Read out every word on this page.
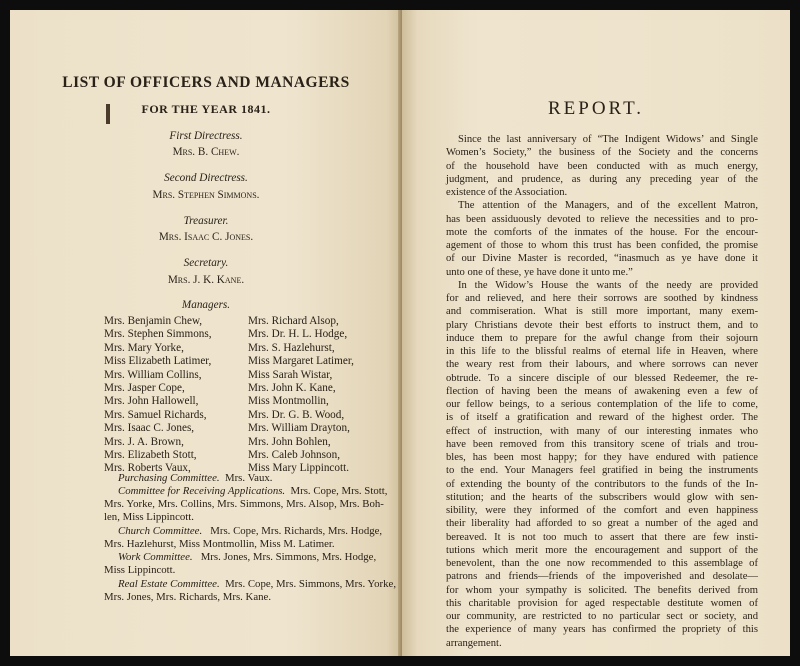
LIST OF OFFICERS AND MANAGERS
FOR THE YEAR 1841.
First Directress.
Mrs. B. Chew.
Second Directress.
Mrs. Stephen Simmons.
Treasurer.
Mrs. Isaac C. Jones.
Secretary.
Mrs. J. K. Kane.
Managers.
Mrs. Benjamin Chew,
Mrs. Stephen Simmons,
Mrs. Mary Yorke,
Miss Elizabeth Latimer,
Mrs. William Collins,
Mrs. Jasper Cope,
Mrs. John Hallowell,
Mrs. Samuel Richards,
Mrs. Isaac C. Jones,
Mrs. J. A. Brown,
Mrs. Elizabeth Stott,
Mrs. Roberts Vaux,
Mrs. Richard Alsop,
Mrs. Dr. H. L. Hodge,
Mrs. S. Hazlehurst,
Miss Margaret Latimer,
Miss Sarah Wistar,
Mrs. John K. Kane,
Miss Montmollin,
Mrs. Dr. G. B. Wood,
Mrs. William Drayton,
Mrs. John Bohlen,
Mrs. Caleb Johnson,
Miss Mary Lippincott.
Purchasing Committee. Mrs. Vaux.
Committee for Receiving Applications. Mrs. Cope, Mrs. Stott,
Mrs. Yorke, Mrs. Collins, Mrs. Simmons, Mrs. Alsop, Mrs. Boh-
len, Miss Lippincott.
Church Committee. Mrs. Cope, Mrs. Richards, Mrs. Hodge,
Mrs. Hazlehurst, Miss Montmollin, Miss M. Latimer.
Work Committee. Mrs. Jones, Mrs. Simmons, Mrs. Hodge,
Miss Lippincott.
Real Estate Committee. Mrs. Cope, Mrs. Simmons, Mrs. Yorke,
Mrs. Jones, Mrs. Richards, Mrs. Kane.
REPORT.
Since the last anniversary of “The Indigent Widows’ and Single
Women’s Society,” the business of the Society and the concerns
of the household have been conducted with as much energy,
judgment, and prudence, as during any preceding year of the
existence of the Association.
The attention of the Managers, and of the excellent Matron,
has been assiduously devoted to relieve the necessities and to pro-
mote the comforts of the inmates of the house. For the encour-
agement of those to whom this trust has been confided, the promise
of our Divine Master is recorded, “inasmuch as ye have done it
unto one of these, ye have done it unto me.”
In the Widow’s House the wants of the needy are provided
for and relieved, and here their sorrows are soothed by kindness
and commiseration. What is still more important, many exem-
plary Christians devote their best efforts to instruct them, and to
induce them to prepare for the awful change from their sojourn
in this life to the blissful realms of eternal life in Heaven, where
the weary rest from their labours, and where sorrows can never
obtrude. To a sincere disciple of our blessed Redeemer, the re-
flection of having been the means of awakening even a few of
our fellow beings, to a serious contemplation of the life to come,
is of itself a gratification and reward of the highest order. The
effect of instruction, with many of our interesting inmates who
have been removed from this transitory scene of trials and trou-
bles, has been most happy; for they have endured with patience
to the end. Your Managers feel gratified in being the instruments
of extending the bounty of the contributors to the funds of the In-
stitution; and the hearts of the subscribers would glow with sen-
sibility, were they informed of the comfort and even happiness
their liberality had afforded to so great a number of the aged and
bereaved. It is not too much to assert that there are few insti-
tutions which merit more the encouragement and support of the
benevolent, than the one now recommended to this assemblage of
patrons and friends—friends of the impoverished and desolate—
for whom your sympathy is solicited. The benefits derived from
this charitable provision for aged respectable destitute women of
our community, are restricted to no particular sect or society, and
the experience of many years has confirmed the propriety of this
arrangement.
